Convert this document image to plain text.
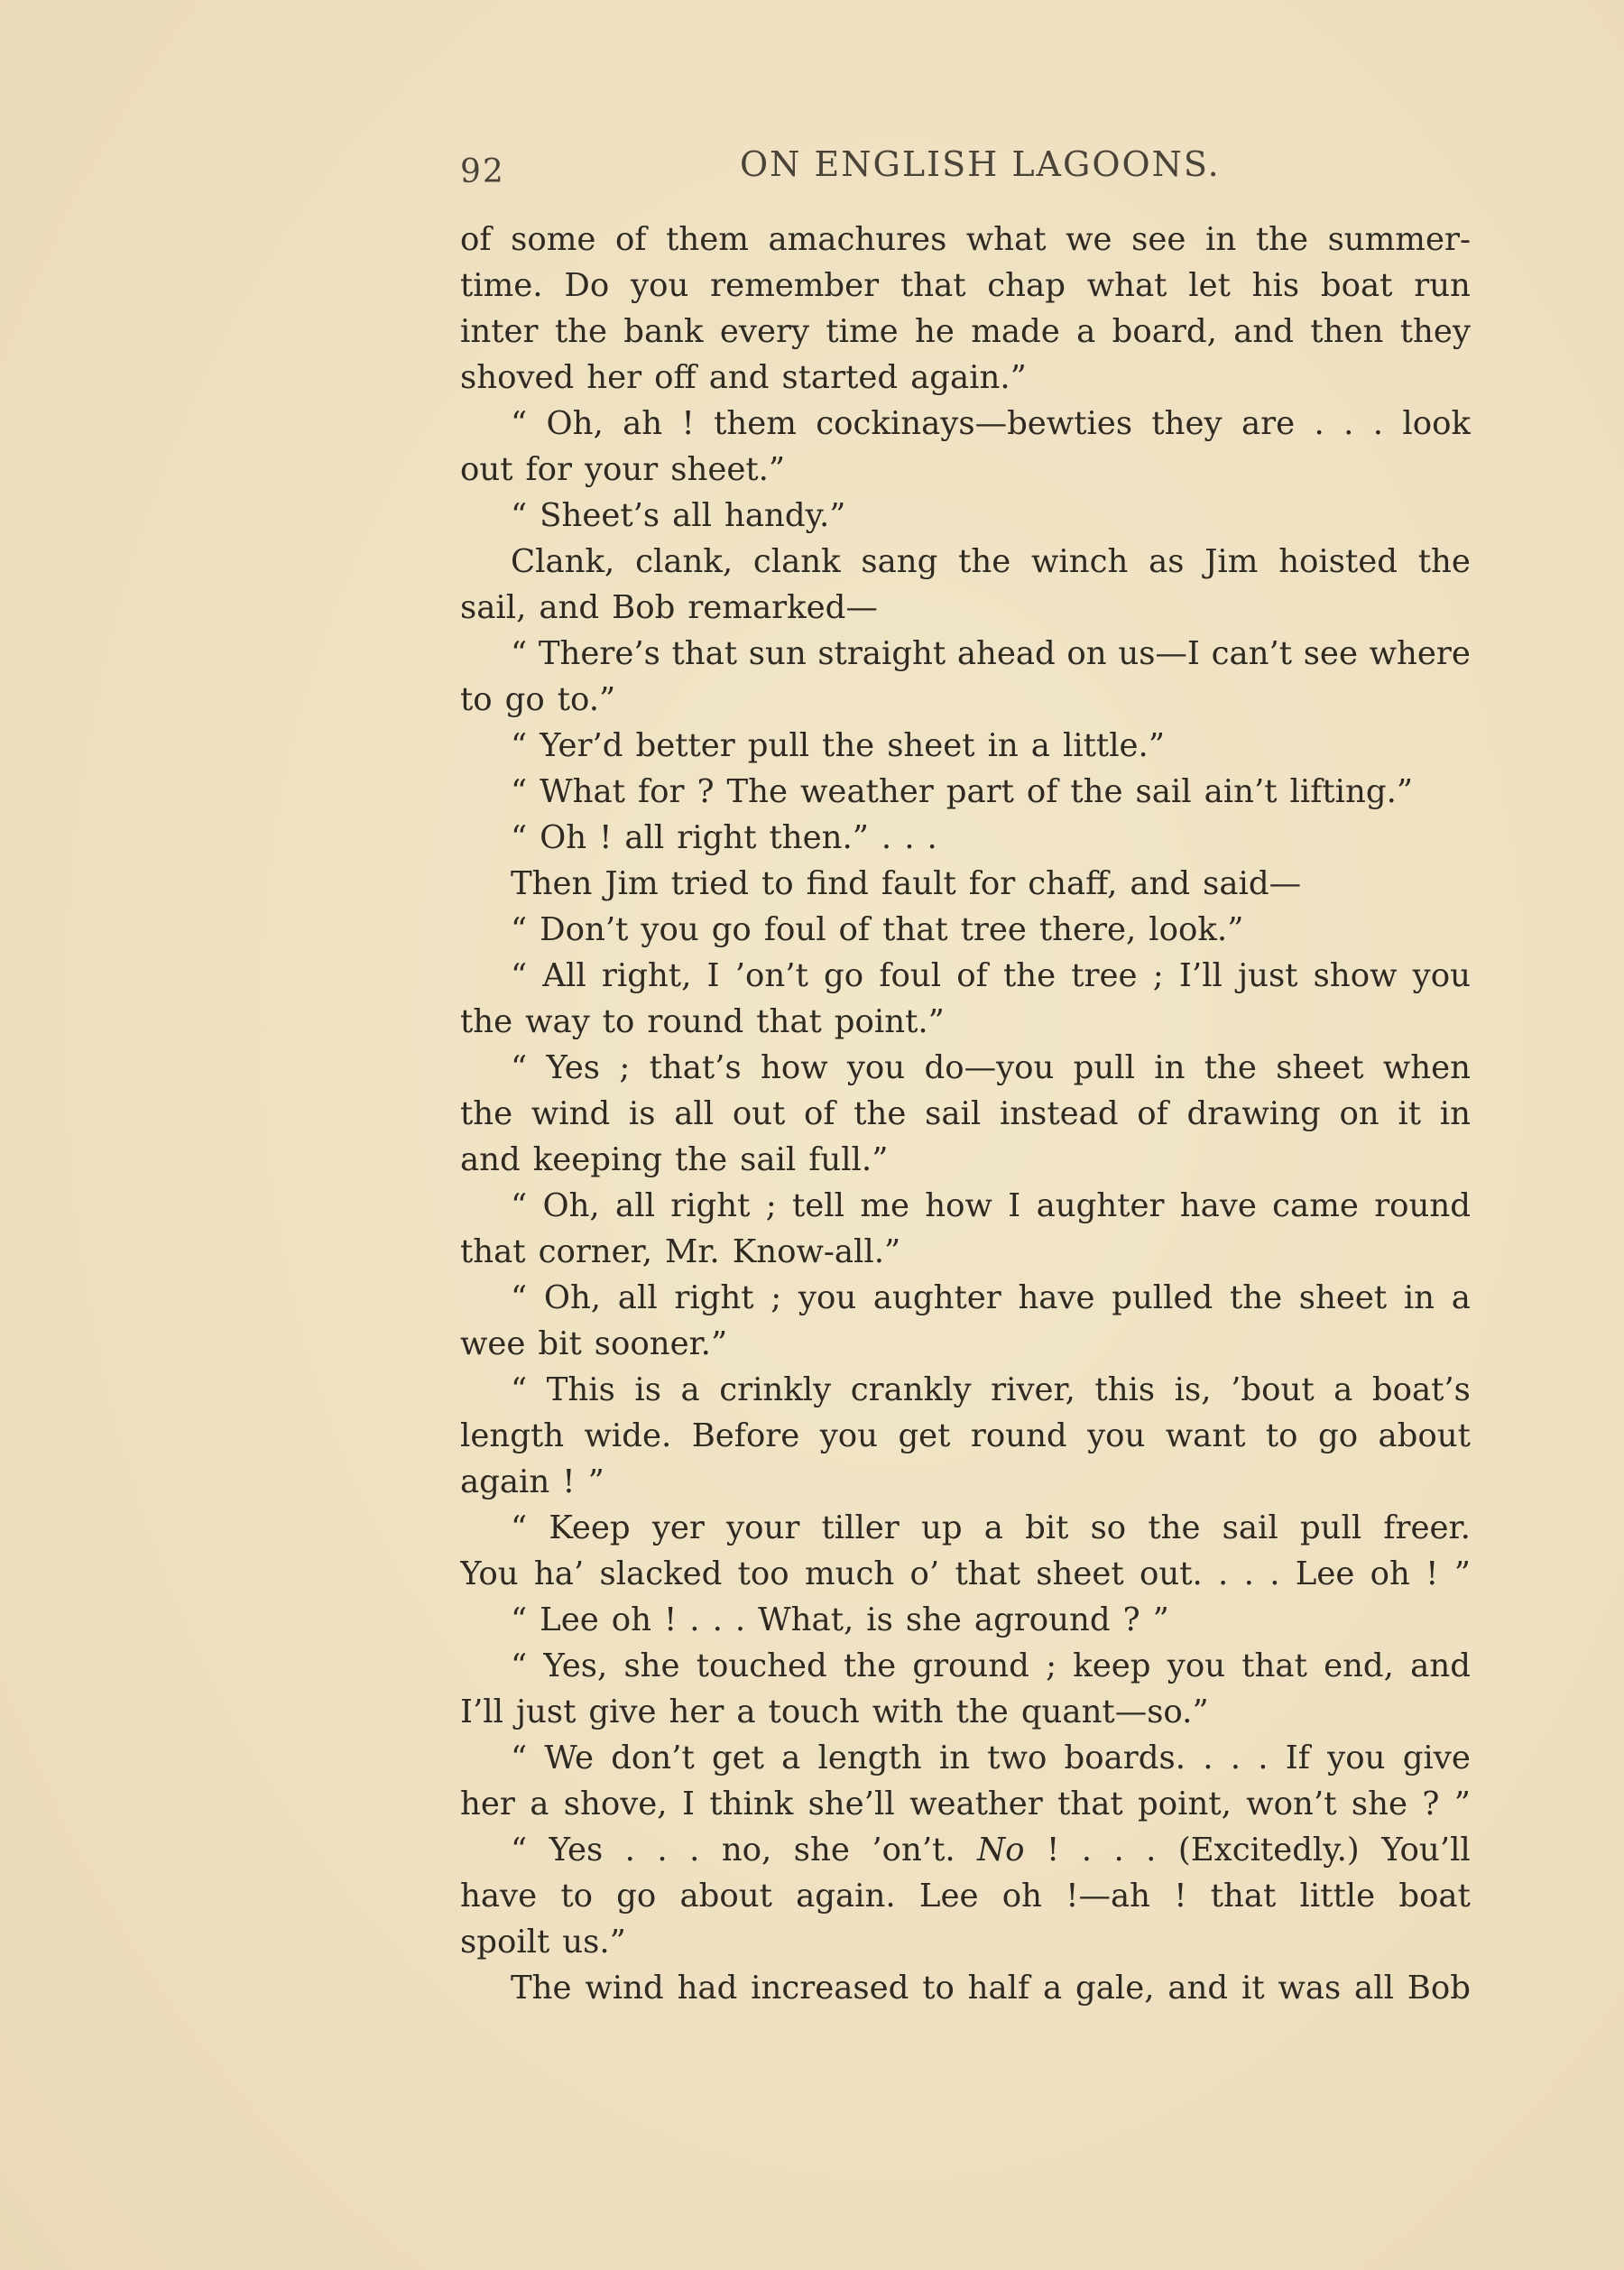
92	ON ENGLISH LAGOONS.
of some of them amachures what we see in the summer-
time. Do you remember that chap what let his boat run
inter the bank every time he made a board, and then they
shoved her off and started again.”
“ Oh, ah ! them cockinays—bewties they are . . . look
out for your sheet.”
“ Sheet’s all handy.”
Clank, clank, clank sang the winch as Jim hoisted the
sail, and Bob remarked—
“ There’s that sun straight ahead on us—I can’t see where
to go to.”
“ Yer’d better pull the sheet in a little.”
“ What for ? The weather part of the sail ain’t lifting.”
“ Oh ! all right then.” . . .
Then Jim tried to find fault for chaff, and said—
“ Don’t you go foul of that tree there, look.”
“ All right, I ’on’t go foul of the tree ; I’ll just show you
the way to round that point.”
“ Yes ; that’s how you do—you pull in the sheet when
the wind is all out of the sail instead of drawing on it in
and keeping the sail full.”
“ Oh, all right ; tell me how I aughter have came round
that corner, Mr. Know-all.”
“ Oh, all right ; you aughter have pulled the sheet in a
wee bit sooner.”
“ This is a crinkly crankly river, this is, ’bout a boat’s
length wide. Before you get round you want to go about
again ! ”
“ Keep yer your tiller up a bit so the sail pull freer.
You ha’ slacked too much o’ that sheet out. . . . Lee oh ! ”
“ Lee oh ! . . . What, is she aground ? ”
“ Yes, she touched the ground ; keep you that end, and
I’ll just give her a touch with the quant—so.”
“ We don’t get a length in two boards. . . . If you give
her a shove, I think she’ll weather that point, won’t she ? ”
“ Yes . . . no, she ’on’t. No ! . . . (Excitedly.) You’ll
have to go about again. Lee oh !—ah ! that little boat
spoilt us.”
The wind had increased to half a gale, and it was all Bob
